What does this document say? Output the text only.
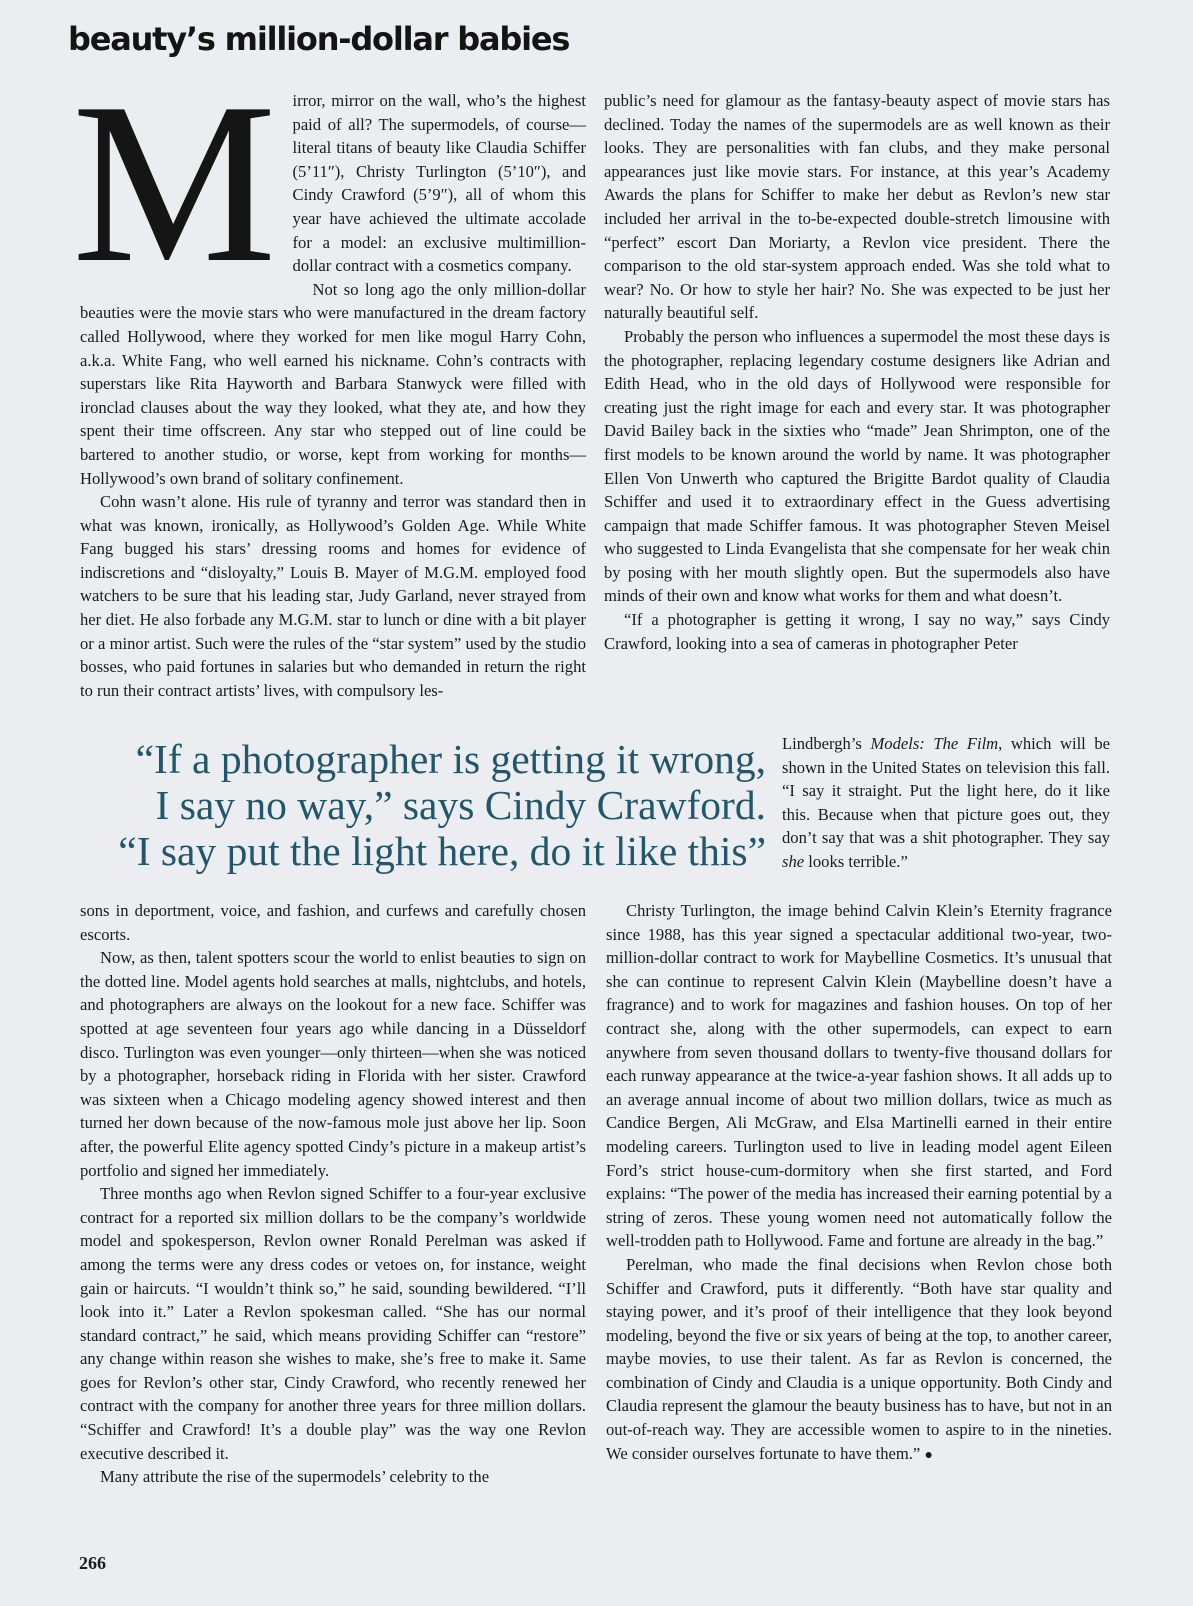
beauty’s million-dollar babies

Mirror, mirror on the wall, who’s the highest paid of all? The supermodels, of course—literal titans of beauty like Claudia Schiffer (5’11″), Christy Turlington (5’10″), and Cindy Crawford (5’9″), all of whom this year have achieved the ultimate accolade for a model: an exclusive multimillion-dollar contract with a cosmetics company.

Not so long ago the only million-dollar beauties were the movie stars who were manufactured in the dream factory called Hollywood, where they worked for men like mogul Harry Cohn, a.k.a. White Fang, who well earned his nickname. Cohn’s contracts with superstars like Rita Hayworth and Barbara Stanwyck were filled with ironclad clauses about the way they looked, what they ate, and how they spent their time offscreen. Any star who stepped out of line could be bartered to another studio, or worse, kept from working for months—Hollywood’s own brand of solitary confinement.

Cohn wasn’t alone. His rule of tyranny and terror was standard then in what was known, ironically, as Hollywood’s Golden Age. While White Fang bugged his stars’ dressing rooms and homes for evidence of indiscretions and “disloyalty,” Louis B. Mayer of M.G.M. employed food watchers to be sure that his leading star, Judy Garland, never strayed from her diet. He also forbade any M.G.M. star to lunch or dine with a bit player or a minor artist. Such were the rules of the “star system” used by the studio bosses, who paid fortunes in salaries but who demanded in return the right to run their contract artists’ lives, with compulsory les-

“If a photographer is getting it wrong,
I say no way,” says Cindy Crawford.
“I say put the light here, do it like this”

sons in deportment, voice, and fashion, and curfews and carefully chosen escorts.

Now, as then, talent spotters scour the world to enlist beauties to sign on the dotted line. Model agents hold searches at malls, nightclubs, and hotels, and photographers are always on the lookout for a new face. Schiffer was spotted at age seventeen four years ago while dancing in a Düsseldorf disco. Turlington was even younger—only thirteen—when she was noticed by a photographer, horseback riding in Florida with her sister. Crawford was sixteen when a Chicago modeling agency showed interest and then turned her down because of the now-famous mole just above her lip. Soon after, the powerful Elite agency spotted Cindy’s picture in a makeup artist’s portfolio and signed her immediately.

Three months ago when Revlon signed Schiffer to a four-year exclusive contract for a reported six million dollars to be the company’s worldwide model and spokesperson, Revlon owner Ronald Perelman was asked if among the terms were any dress codes or vetoes on, for instance, weight gain or haircuts. “I wouldn’t think so,” he said, sounding bewildered. “I’ll look into it.” Later a Revlon spokesman called. “She has our normal standard contract,” he said, which means providing Schiffer can “restore” any change within reason she wishes to make, she’s free to make it. Same goes for Revlon’s other star, Cindy Crawford, who recently renewed her contract with the company for another three years for three million dollars. “Schiffer and Crawford! It’s a double play” was the way one Revlon executive described it.

Many attribute the rise of the supermodels’ celebrity to the

public’s need for glamour as the fantasy-beauty aspect of movie stars has declined. Today the names of the supermodels are as well known as their looks. They are personalities with fan clubs, and they make personal appearances just like movie stars. For instance, at this year’s Academy Awards the plans for Schiffer to make her debut as Revlon’s new star included her arrival in the to-be-expected double-stretch limousine with “perfect” escort Dan Moriarty, a Revlon vice president. There the comparison to the old star-system approach ended. Was she told what to wear? No. Or how to style her hair? No. She was expected to be just her naturally beautiful self.

Probably the person who influences a supermodel the most these days is the photographer, replacing legendary costume designers like Adrian and Edith Head, who in the old days of Hollywood were responsible for creating just the right image for each and every star. It was photographer David Bailey back in the sixties who “made” Jean Shrimpton, one of the first models to be known around the world by name. It was photographer Ellen Von Unwerth who captured the Brigitte Bardot quality of Claudia Schiffer and used it to extraordinary effect in the Guess advertising campaign that made Schiffer famous. It was photographer Steven Meisel who suggested to Linda Evangelista that she compensate for her weak chin by posing with her mouth slightly open. But the supermodels also have minds of their own and know what works for them and what doesn’t.

“If a photographer is getting it wrong, I say no way,” says Cindy Crawford, looking into a sea of cameras in photographer Peter

Lindbergh’s Models: The Film, which will be shown in the United States on television this fall. “I say it straight. Put the light here, do it like this. Because when that picture goes out, they don’t say that was a shit photographer. They say she looks terrible.”

Christy Turlington, the image behind Calvin Klein’s Eternity fragrance since 1988, has this year signed a spectacular additional two-year, two-million-dollar contract to work for Maybelline Cosmetics. It’s unusual that she can continue to represent Calvin Klein (Maybelline doesn’t have a fragrance) and to work for magazines and fashion houses. On top of her contract she, along with the other supermodels, can expect to earn anywhere from seven thousand dollars to twenty-five thousand dollars for each runway appearance at the twice-a-year fashion shows. It all adds up to an average annual income of about two million dollars, twice as much as Candice Bergen, Ali McGraw, and Elsa Martinelli earned in their entire modeling careers. Turlington used to live in leading model agent Eileen Ford’s strict house-cum-dormitory when she first started, and Ford explains: “The power of the media has increased their earning potential by a string of zeros. These young women need not automatically follow the well-trodden path to Hollywood. Fame and fortune are already in the bag.”

Perelman, who made the final decisions when Revlon chose both Schiffer and Crawford, puts it differently. “Both have star quality and staying power, and it’s proof of their intelligence that they look beyond modeling, beyond the five or six years of being at the top, to another career, maybe movies, to use their talent. As far as Revlon is concerned, the combination of Cindy and Claudia is a unique opportunity. Both Cindy and Claudia represent the glamour the beauty business has to have, but not in an out-of-reach way. They are accessible women to aspire to in the nineties. We consider ourselves fortunate to have them.” ●

266
